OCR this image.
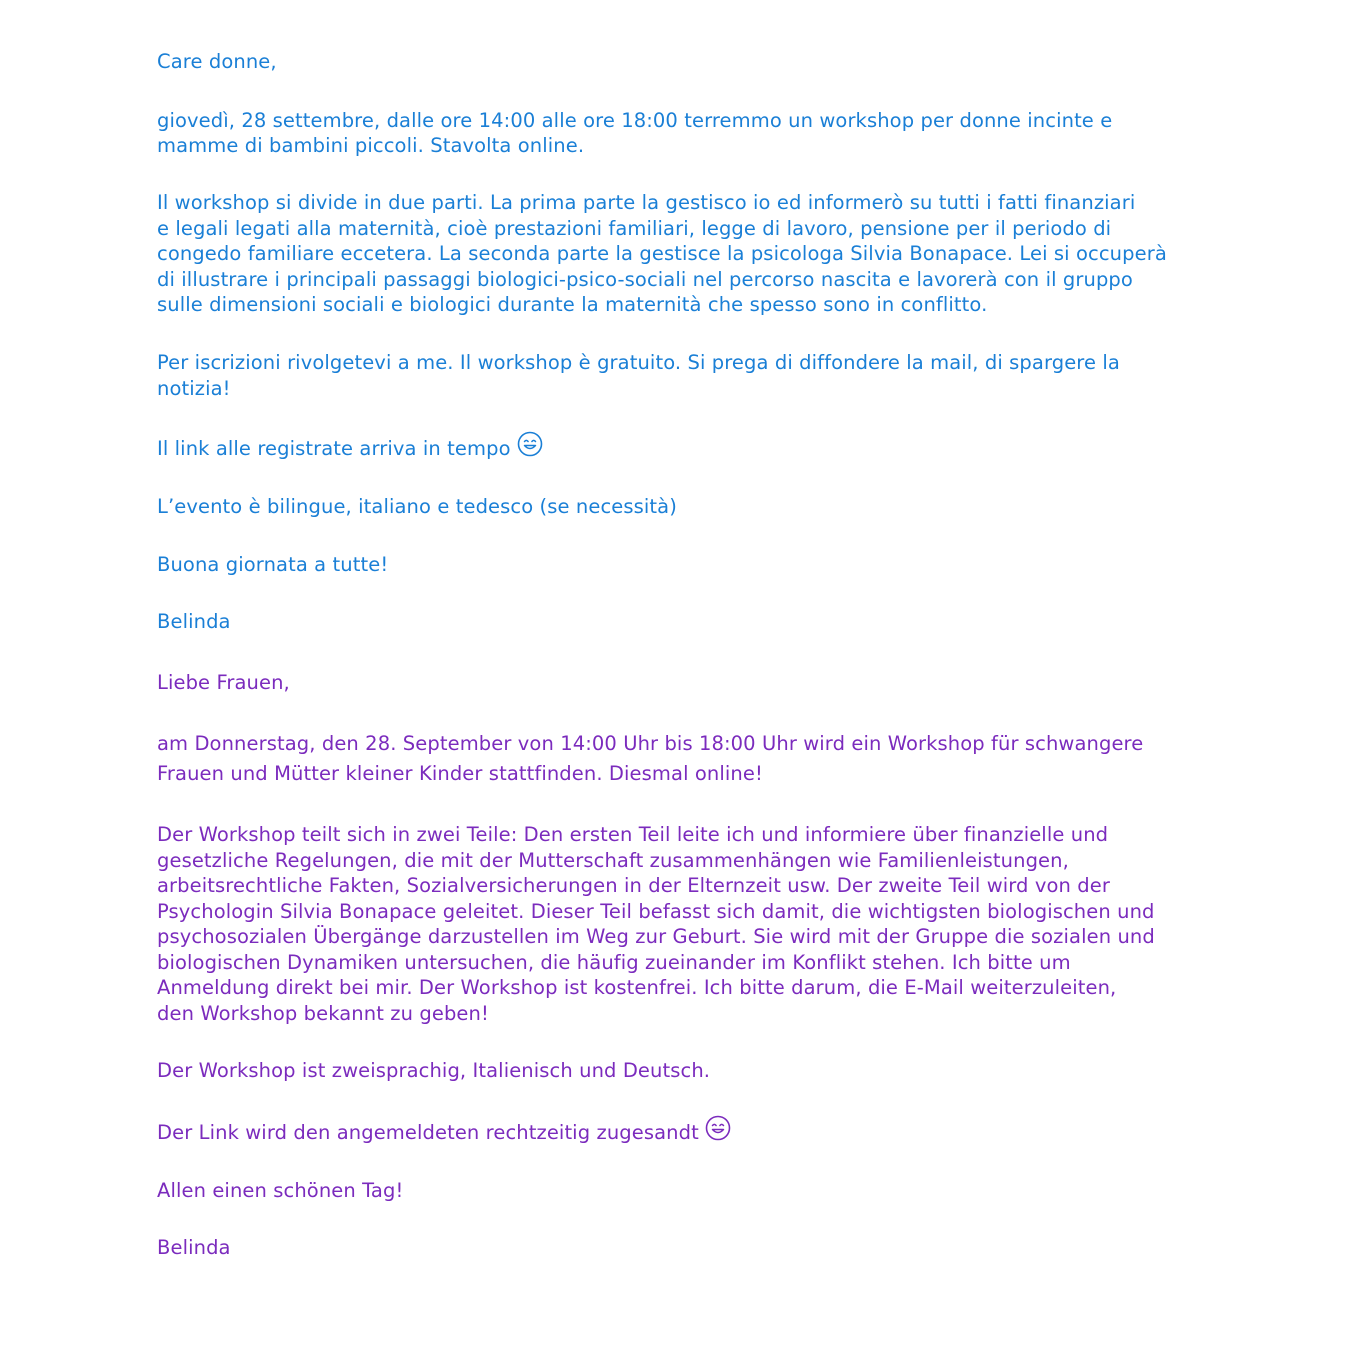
Care donne,
giovedì, 28 settembre, dalle ore 14:00 alle ore 18:00 terremmo un workshop per donne incinte e
mamme di bambini piccoli. Stavolta online.
Il workshop si divide in due parti. La prima parte la gestisco io ed informerò su tutti i fatti finanziari
e legali legati alla maternità, cioè prestazioni familiari, legge di lavoro, pensione per il periodo di
congedo familiare eccetera. La seconda parte la gestisce la psicologa Silvia Bonapace. Lei si occuperà
di illustrare i principali passaggi biologici-psico-sociali nel percorso nascita e lavorerà con il gruppo
sulle dimensioni sociali e biologici durante la maternità che spesso sono in conflitto.
Per iscrizioni rivolgetevi a me. Il workshop è gratuito. Si prega di diffondere la mail, di spargere la
notizia!
Il link alle registrate arriva in tempo
L’evento è bilingue, italiano e tedesco (se necessità)
Buona giornata a tutte!
Belinda
Liebe Frauen,
am Donnerstag, den 28. September von 14:00 Uhr bis 18:00 Uhr wird ein Workshop für schwangere
Frauen und Mütter kleiner Kinder stattfinden. Diesmal online!
Der Workshop teilt sich in zwei Teile: Den ersten Teil leite ich und informiere über finanzielle und
gesetzliche Regelungen, die mit der Mutterschaft zusammenhängen wie Familienleistungen,
arbeitsrechtliche Fakten, Sozialversicherungen in der Elternzeit usw. Der zweite Teil wird von der
Psychologin Silvia Bonapace geleitet. Dieser Teil befasst sich damit, die wichtigsten biologischen und
psychosozialen Übergänge darzustellen im Weg zur Geburt. Sie wird mit der Gruppe die sozialen und
biologischen Dynamiken untersuchen, die häufig zueinander im Konflikt stehen. Ich bitte um
Anmeldung direkt bei mir. Der Workshop ist kostenfrei. Ich bitte darum, die E-Mail weiterzuleiten,
den Workshop bekannt zu geben!
Der Workshop ist zweisprachig, Italienisch und Deutsch.
Der Link wird den angemeldeten rechtzeitig zugesandt
Allen einen schönen Tag!
Belinda
